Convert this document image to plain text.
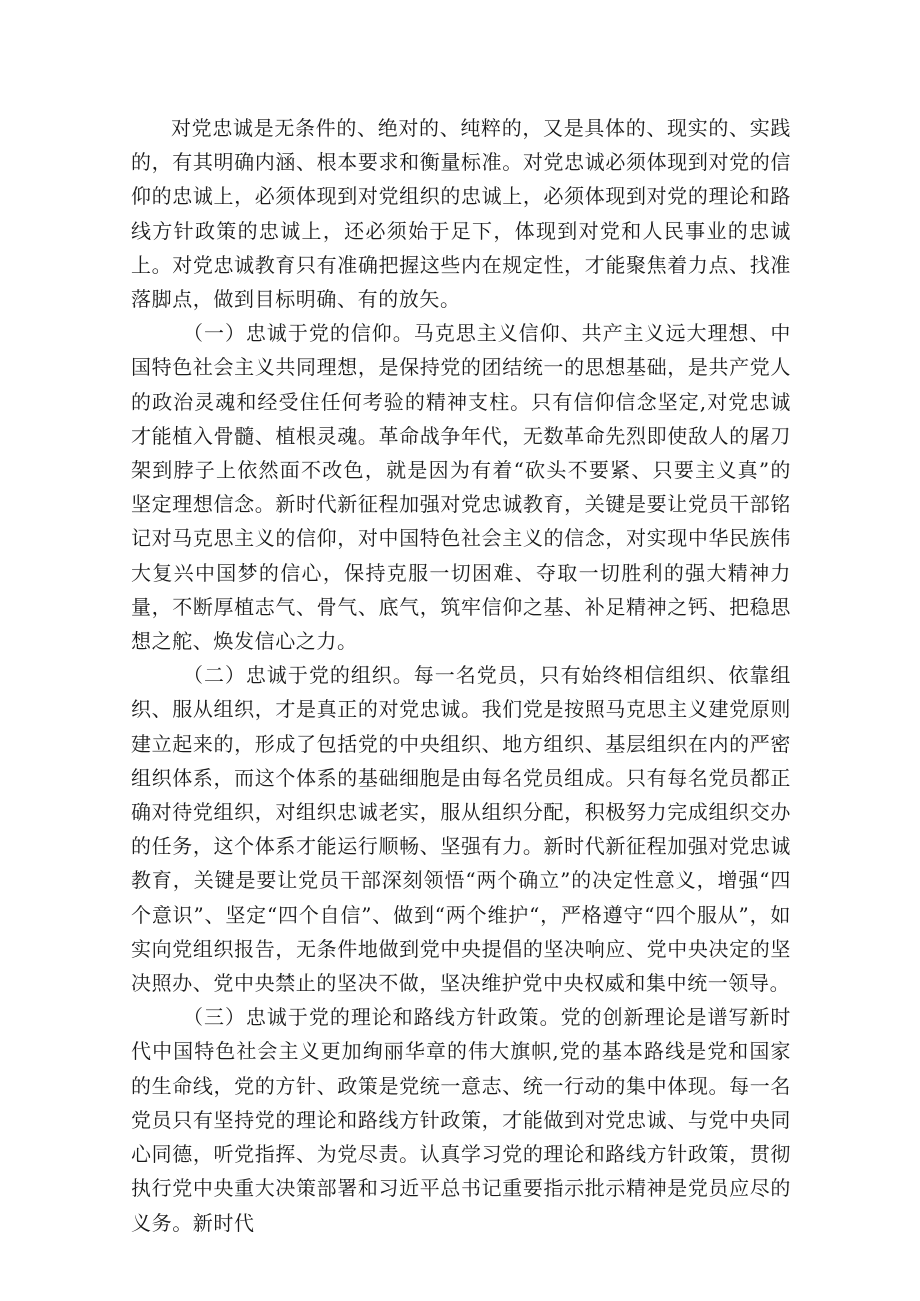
对党忠诚是无条件的、绝对的、纯粹的，又是具体的、现实的、实践的，有其明确内涵、根本要求和衡量标准。对党忠诚必须体现到对党的信仰的忠诚上，必须体现到对党组织的忠诚上，必须体现到对党的理论和路线方针政策的忠诚上，还必须始于足下，体现到对党和人民事业的忠诚上。对党忠诚教育只有准确把握这些内在规定性，才能聚焦着力点、找准落脚点，做到目标明确、有的放矢。

（一）忠诚于党的信仰。马克思主义信仰、共产主义远大理想、中国特色社会主义共同理想，是保持党的团结统一的思想基础，是共产党人的政治灵魂和经受住任何考验的精神支柱。只有信仰信念坚定,对党忠诚才能植入骨髓、植根灵魂。革命战争年代，无数革命先烈即使敌人的屠刀架到脖子上依然面不改色，就是因为有着“砍头不要紧、只要主义真”的坚定理想信念。新时代新征程加强对党忠诚教育，关键是要让党员干部铭记对马克思主义的信仰，对中国特色社会主义的信念，对实现中华民族伟大复兴中国梦的信心，保持克服一切困难、夺取一切胜利的强大精神力量，不断厚植志气、骨气、底气，筑牢信仰之基、补足精神之钙、把稳思想之舵、焕发信心之力。

（二）忠诚于党的组织。每一名党员，只有始终相信组织、依靠组织、服从组织，才是真正的对党忠诚。我们党是按照马克思主义建党原则建立起来的，形成了包括党的中央组织、地方组织、基层组织在内的严密组织体系，而这个体系的基础细胞是由每名党员组成。只有每名党员都正确对待党组织，对组织忠诚老实，服从组织分配，积极努力完成组织交办的任务，这个体系才能运行顺畅、坚强有力。新时代新征程加强对党忠诚教育，关键是要让党员干部深刻领悟“两个确立”的决定性意义，增强“四个意识”、坚定“四个自信”、做到“两个维护“，严格遵守“四个服从”，如实向党组织报告，无条件地做到党中央提倡的坚决响应、党中央决定的坚决照办、党中央禁止的坚决不做，坚决维护党中央权威和集中统一领导。

（三）忠诚于党的理论和路线方针政策。党的创新理论是谱写新时代中国特色社会主义更加绚丽华章的伟大旗帜,党的基本路线是党和国家的生命线，党的方针、政策是党统一意志、统一行动的集中体现。每一名党员只有坚持党的理论和路线方针政策，才能做到对党忠诚、与党中央同心同德，听党指挥、为党尽责。认真学习党的理论和路线方针政策，贯彻执行党中央重大决策部署和习近平总书记重要指示批示精神是党员应尽的义务。新时代
